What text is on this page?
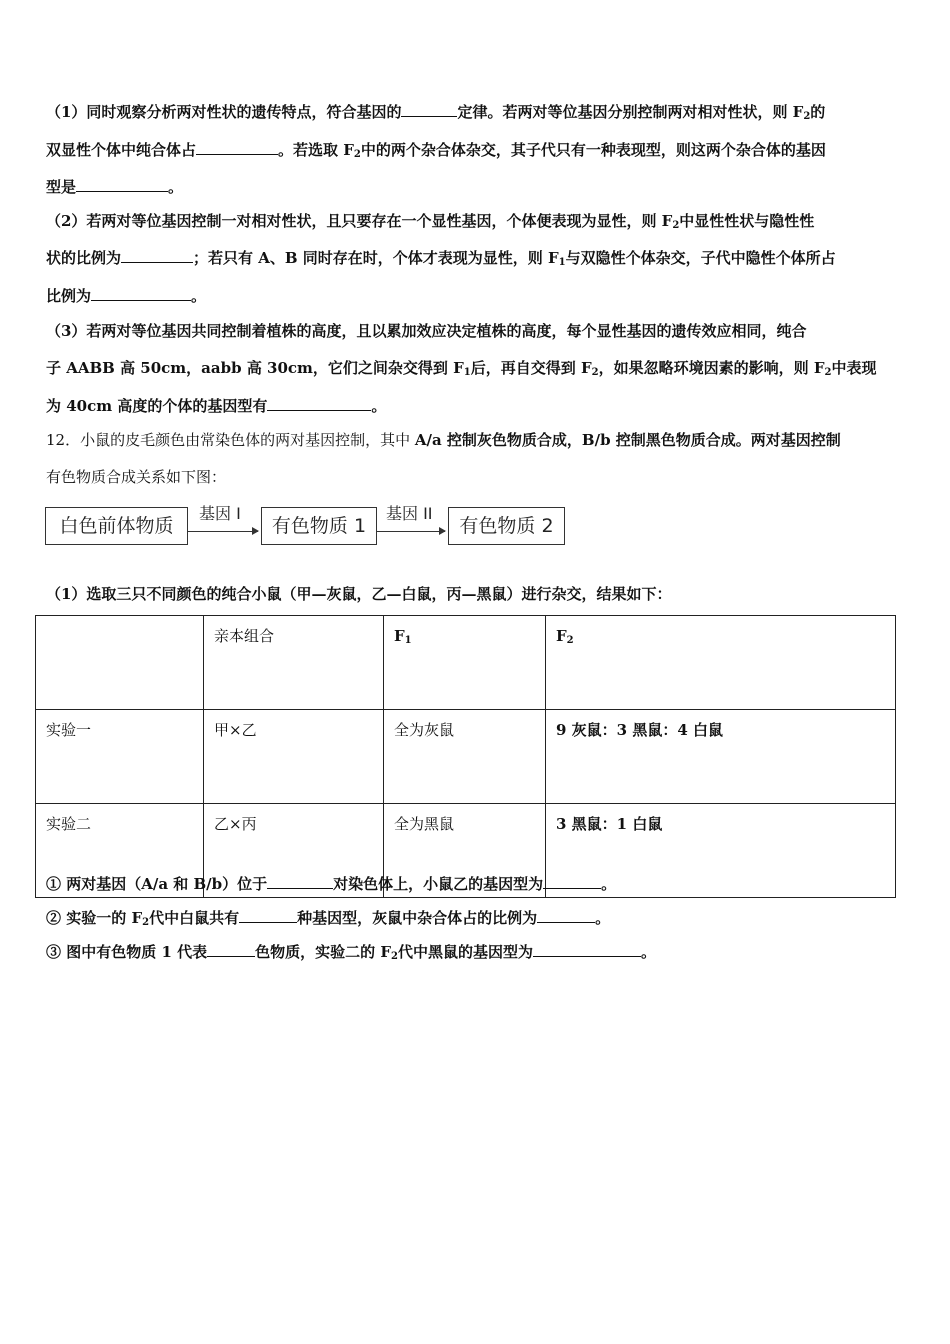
（1）同时观察分析两对性状的遗传特点，符合基因的	定律。若两对等位基因分别控制两对相对性状，则 $F_2$的
双显性个体中纯合体占	。若选取 $F_2$中的两个杂合体杂交，其子代只有一种表现型，则这两个杂合体的基因
型是	。
（2）若两对等位基因控制一对相对性状，且只要存在一个显性基因，个体便表现为显性，则 $F_2$中显性性状与隐性性
状的比例为	；若只有 A、B 同时存在时，个体才表现为显性，则 $F_1$与双隐性个体杂交，子代中隐性个体所占
比例为	。
（3）若两对等位基因共同控制着植株的高度，且以累加效应决定植株的高度，每个显性基因的遗传效应相同，纯合
子 AABB 高 50cm，aabb 高 30cm，它们之间杂交得到 $F_1$后，再自交得到 $F_2$，如果忽略环境因素的影响，则 $F_2$中表现
为 40cm 高度的个体的基因型有	。
12．小鼠的皮毛颜色由常染色体的两对基因控制，其中 A/a 控制灰色物质合成，B/b 控制黑色物质合成。两对基因控制
有色物质合成关系如下图：
白色前体物质
基因 I
有色物质 1
基因 II
有色物质 2
（1）选取三只不同颜色的纯合小鼠（甲—灰鼠，乙—白鼠，丙—黑鼠）进行杂交，结果如下：
	亲本组合	$F_1$	$F_2$
实验一	甲×乙	全为灰鼠	9 灰鼠：3 黑鼠：4 白鼠
实验二	乙×丙	全为黑鼠	3 黑鼠：1 白鼠
① 两对基因（A/a 和 B/b）位于	对染色体上，小鼠乙的基因型为	。
② 实验一的 $F_2$代中白鼠共有	种基因型，灰鼠中杂合体占的比例为	。
③ 图中有色物质 1 代表	色物质，实验二的 $F_2$代中黑鼠的基因型为	。
